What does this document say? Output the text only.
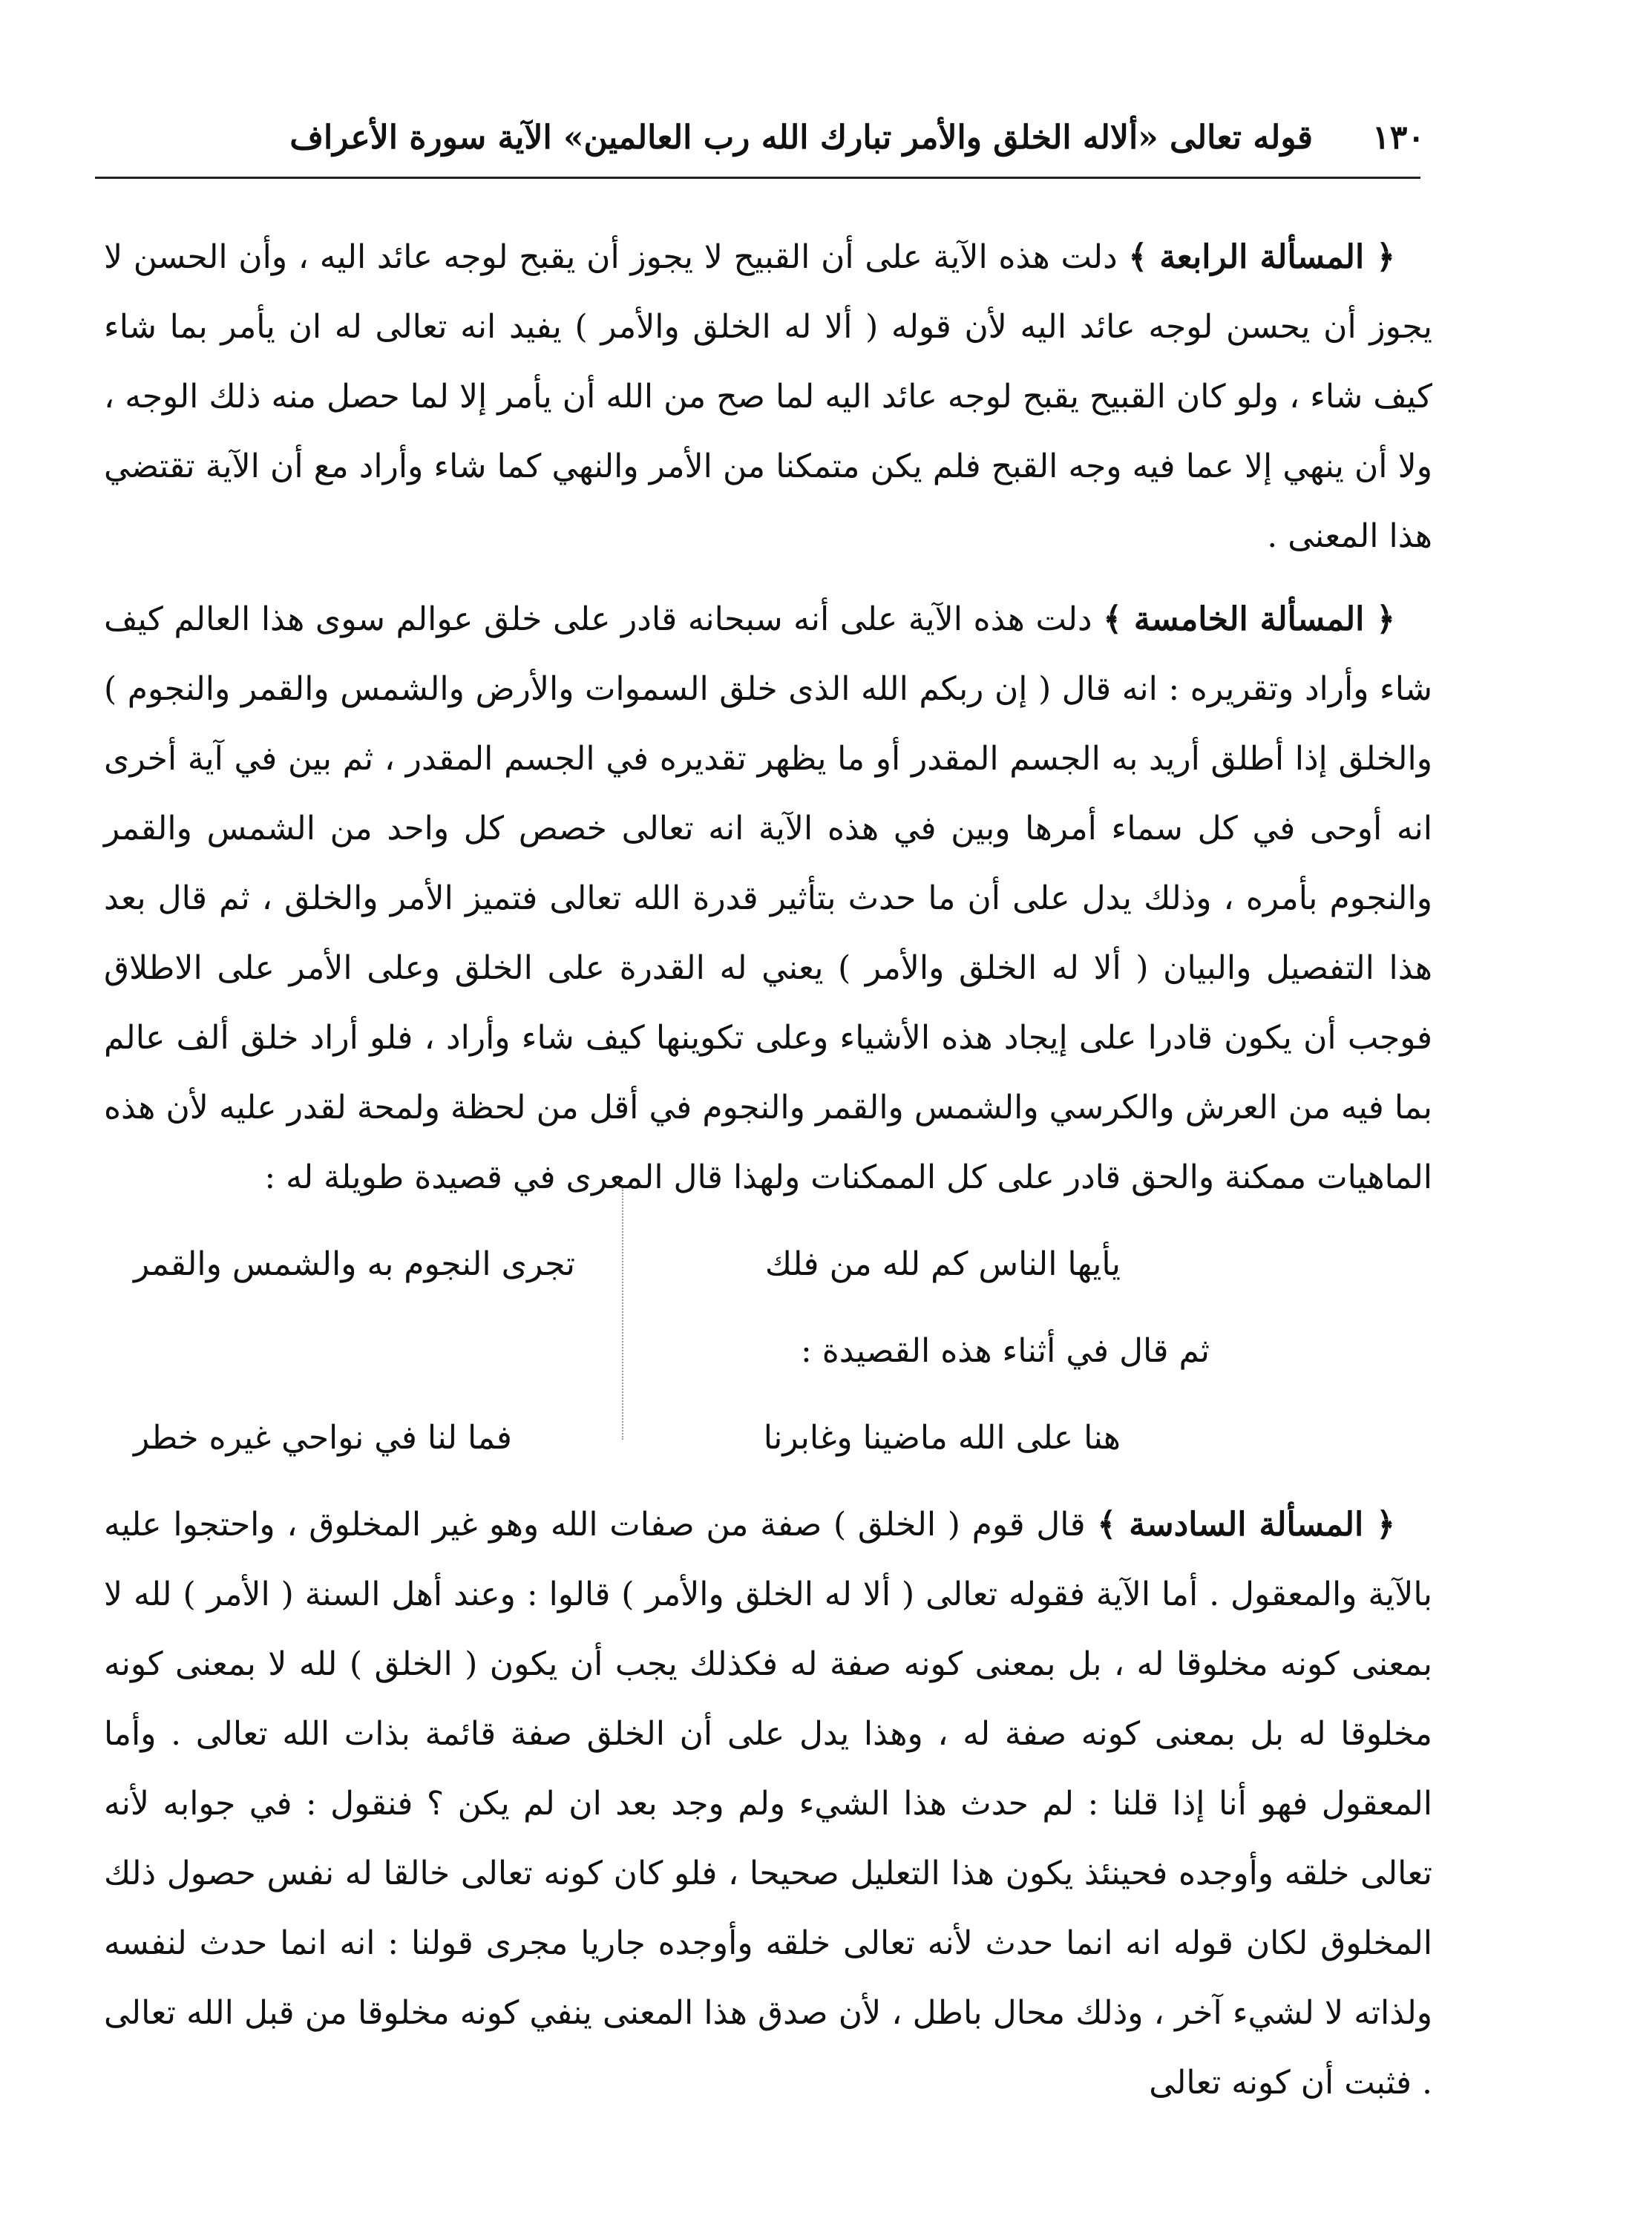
١٣٠
قوله تعالى «ألاله الخلق والأمر تبارك الله رب العالمين» الآية سورة الأعراف

﴿ المسألة الرابعة ﴾ دلت هذه الآية على أن القبيح لا يجوز أن يقبح لوجه عائد اليه ، وأن الحسن لا يجوز أن يحسن لوجه عائد اليه لأن قوله ( ألا له الخلق والأمر ) يفيد انه تعالى له ان يأمر بما شاء كيف شاء ، ولو كان القبيح يقبح لوجه عائد اليه لما صح من الله أن يأمر إلا لما حصل منه ذلك الوجه ، ولا أن ينهي إلا عما فيه وجه القبح فلم يكن متمكنا من الأمر والنهي كما شاء وأراد مع أن الآية تقتضي هذا المعنى .

﴿ المسألة الخامسة ﴾ دلت هذه الآية على أنه سبحانه قادر على خلق عوالم سوى هذا العالم كيف شاء وأراد وتقريره : انه قال ( إن ربكم الله الذى خلق السموات والأرض والشمس والقمر والنجوم ) والخلق إذا أطلق أريد به الجسم المقدر أو ما يظهر تقديره في الجسم المقدر ، ثم بين في آية أخرى انه أوحى في كل سماء أمرها وبين في هذه الآية انه تعالى خصص كل واحد من الشمس والقمر والنجوم بأمره ، وذلك يدل على أن ما حدث بتأثير قدرة الله تعالى فتميز الأمر والخلق ، ثم قال بعد هذا التفصيل والبيان ( ألا له الخلق والأمر ) يعني له القدرة على الخلق وعلى الأمر على الاطلاق فوجب أن يكون قادرا على إيجاد هذه الأشياء وعلى تكوينها كيف شاء وأراد ، فلو أراد خلق ألف عالم بما فيه من العرش والكرسي والشمس والقمر والنجوم في أقل من لحظة ولمحة لقدر عليه لأن هذه الماهيات ممكنة والحق قادر على كل الممكنات ولهذا قال المعرى في قصيدة طويلة له :

يأيها الناس كم لله من فلك
تجرى النجوم به والشمس والقمر

ثم قال في أثناء هذه القصيدة :

هنا على الله ماضينا وغابرنا
فما لنا في نواحي غيره خطر

﴿ المسألة السادسة ﴾ قال قوم ( الخلق ) صفة من صفات الله وهو غير المخلوق ، واحتجوا عليه بالآية والمعقول . أما الآية فقوله تعالى ( ألا له الخلق والأمر ) قالوا : وعند أهل السنة ( الأمر ) لله لا بمعنى كونه مخلوقا له ، بل بمعنى كونه صفة له فكذلك يجب أن يكون ( الخلق ) لله لا بمعنى كونه مخلوقا له بل بمعنى كونه صفة له ، وهذا يدل على أن الخلق صفة قائمة بذات الله تعالى . وأما المعقول فهو أنا إذا قلنا : لم حدث هذا الشيء ولم وجد بعد ان لم يكن ؟ فنقول : في جوابه لأنه تعالى خلقه وأوجده فحينئذ يكون هذا التعليل صحيحا ، فلو كان كونه تعالى خالقا له نفس حصول ذلك المخلوق لكان قوله انه انما حدث لأنه تعالى خلقه وأوجده جاريا مجرى قولنا : انه انما حدث لنفسه ولذاته لا لشيء آخر ، وذلك محال باطل ، لأن صدق هذا المعنى ينفي كونه مخلوقا من قبل الله تعالى . فثبت أن كونه تعالى
